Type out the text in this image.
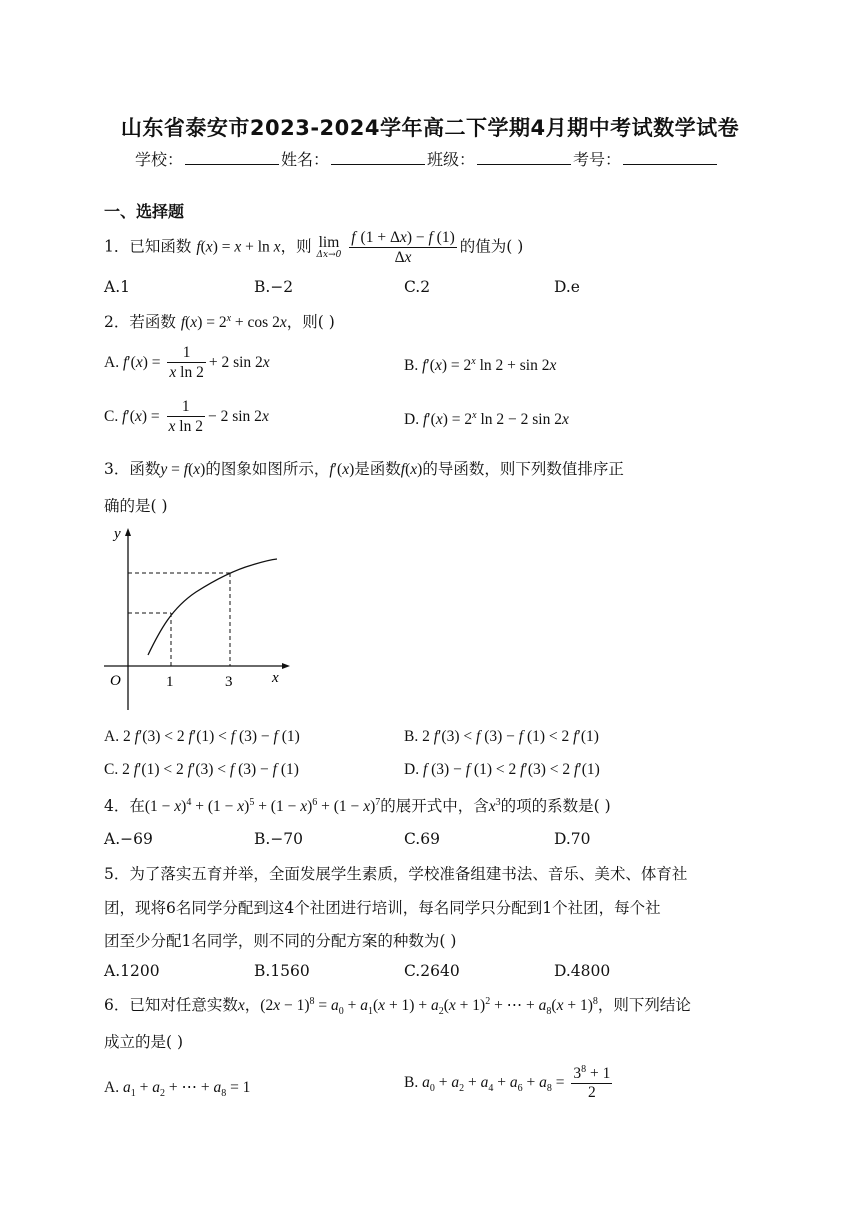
山东省泰安市2023-2024学年高二下学期4月期中考试数学试卷
学校：	姓名：	班级：	考号：
一、选择题
1．已知函数 f(x) = x + ln x，则 lim
Δx→0
$\frac{f (1 + \Delta x) - f (1)}{\Delta x}$ 的值为( )
A.1	B.−2	C.2	D.e
2．若函数 $f(x) = 2^x + \cos 2x$，则( )
A. $f'(x) = \frac{1}{\text{x ln 2}} + 2$ sin 2x	B. $f'(x) = 2^x$ ln 2 + sin 2x
C. $f'(x) = \frac{1}{\text{x ln 2}} - 2$ sin 2x	D. $f'(x) = 2^x$ ln 2 − 2 sin 2x
3．函数y = f(x)的图象如图所示，f′(x)是函数f(x)的导函数，则下列数值排序正
确的是( )
y
O	1	3	x
A. 2 f′(3) < 2 f′(1) < f (3) − f (1)	B. 2 f′(3) < f (3) − f (1) < 2 f′(1)
C. 2 f′(1) < 2 f′(3) < f (3) − f (1)	D. f (3) − f (1) < 2 f′(3) < 2 f′(1)
4．在$(1 - x)^4 + (1 - x)^5 + (1 - x)^6 + (1 - x)^7$的展开式中，含$x^3$的项的系数是( )
A.−69	B.−70	C.69	D.70
5．为了落实五育并举，全面发展学生素质，学校准备组建书法、音乐、美术、体育社
团，现将6名同学分配到这4个社团进行培训，每名同学只分配到1个社团，每个社
团至少分配1名同学，则不同的分配方案的种数为( )
A.1200	B.1560	C.2640	D.4800
6．已知对任意实数x，$(2x - 1)^8 = a_0 + a_1(x + 1) + a_2(x + 1)^2$ + ⋯ + $a_8(x + 1)^8$，则下列结论
成立的是( )
A. $a_1 + a_2$ + ⋯ + $a_8 = 1$	B. $a_0 + a_2 + a_4 + a_6 + a_8 = \frac{3^8 + 1}{2}$
